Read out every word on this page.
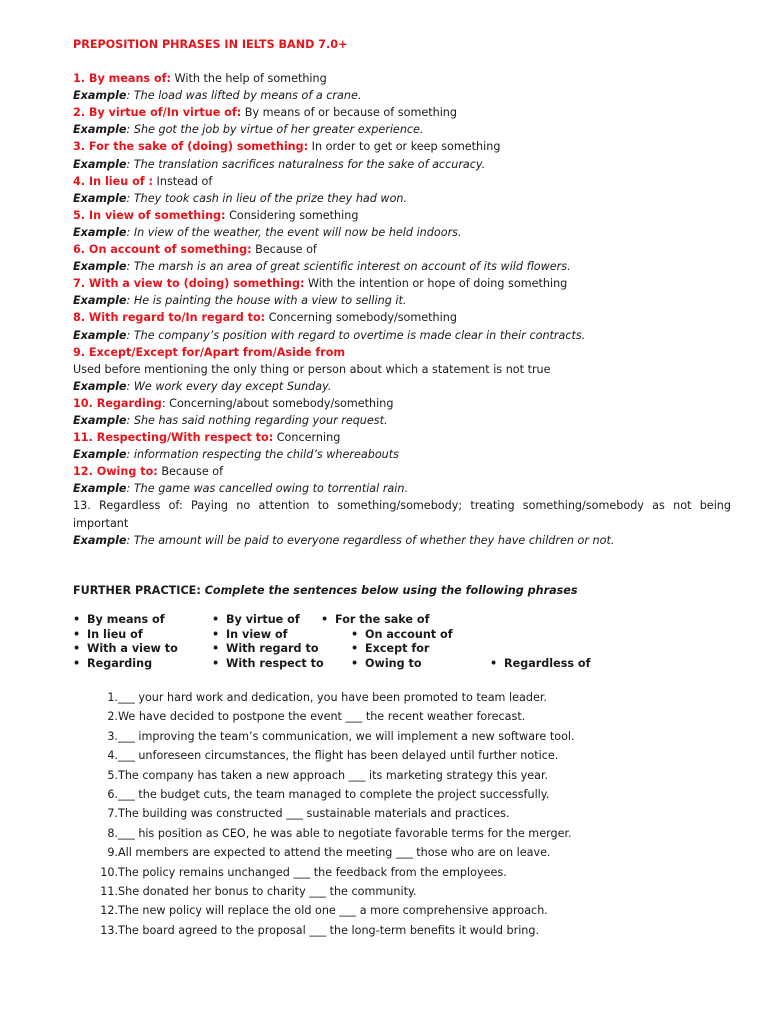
PREPOSITION PHRASES IN IELTS BAND 7.0+
1. By means of: With the help of something
Example: The load was lifted by means of a crane.
2. By virtue of/In virtue of: By means of or because of something
Example: She got the job by virtue of her greater experience.
3. For the sake of (doing) something: In order to get or keep something
Example: The translation sacrifices naturalness for the sake of accuracy.
4. In lieu of : Instead of
Example: They took cash in lieu of the prize they had won.
5. In view of something: Considering something
Example: In view of the weather, the event will now be held indoors.
6. On account of something: Because of
Example: The marsh is an area of great scientific interest on account of its wild flowers.
7. With a view to (doing) something: With the intention or hope of doing something
Example: He is painting the house with a view to selling it.
8. With regard to/In regard to: Concerning somebody/something
Example: The company’s position with regard to overtime is made clear in their contracts.
9. Except/Except for/Apart from/Aside from
Used before mentioning the only thing or person about which a statement is not true
Example: We work every day except Sunday.
10. Regarding: Concerning/about somebody/something
Example: She has said nothing regarding your request.
11. Respecting/With respect to: Concerning
Example: information respecting the child’s whereabouts
12. Owing to: Because of
Example: The game was cancelled owing to torrential rain.
13. Regardless of: Paying no attention to something/somebody; treating something/somebody as not being important
Example: The amount will be paid to everyone regardless of whether they have children or not.
FURTHER PRACTICE: Complete the sentences below using the following phrases
• By means of	• By virtue of • For the sake of
• In lieu of	• In view of	• On account of
• With a view to	• With regard to	• Except for
• Regarding	• With respect to • Owing to	• Regardless of
1. ___ your hard work and dedication, you have been promoted to team leader.
2. We have decided to postpone the event ___ the recent weather forecast.
3. ___ improving the team’s communication, we will implement a new software tool.
4. ___ unforeseen circumstances, the flight has been delayed until further notice.
5. The company has taken a new approach ___ its marketing strategy this year.
6. ___ the budget cuts, the team managed to complete the project successfully.
7. The building was constructed ___ sustainable materials and practices.
8. ___ his position as CEO, he was able to negotiate favorable terms for the merger.
9. All members are expected to attend the meeting ___ those who are on leave.
10. The policy remains unchanged ___ the feedback from the employees.
11. She donated her bonus to charity ___ the community.
12. The new policy will replace the old one ___ a more comprehensive approach.
13. The board agreed to the proposal ___ the long-term benefits it would bring.
